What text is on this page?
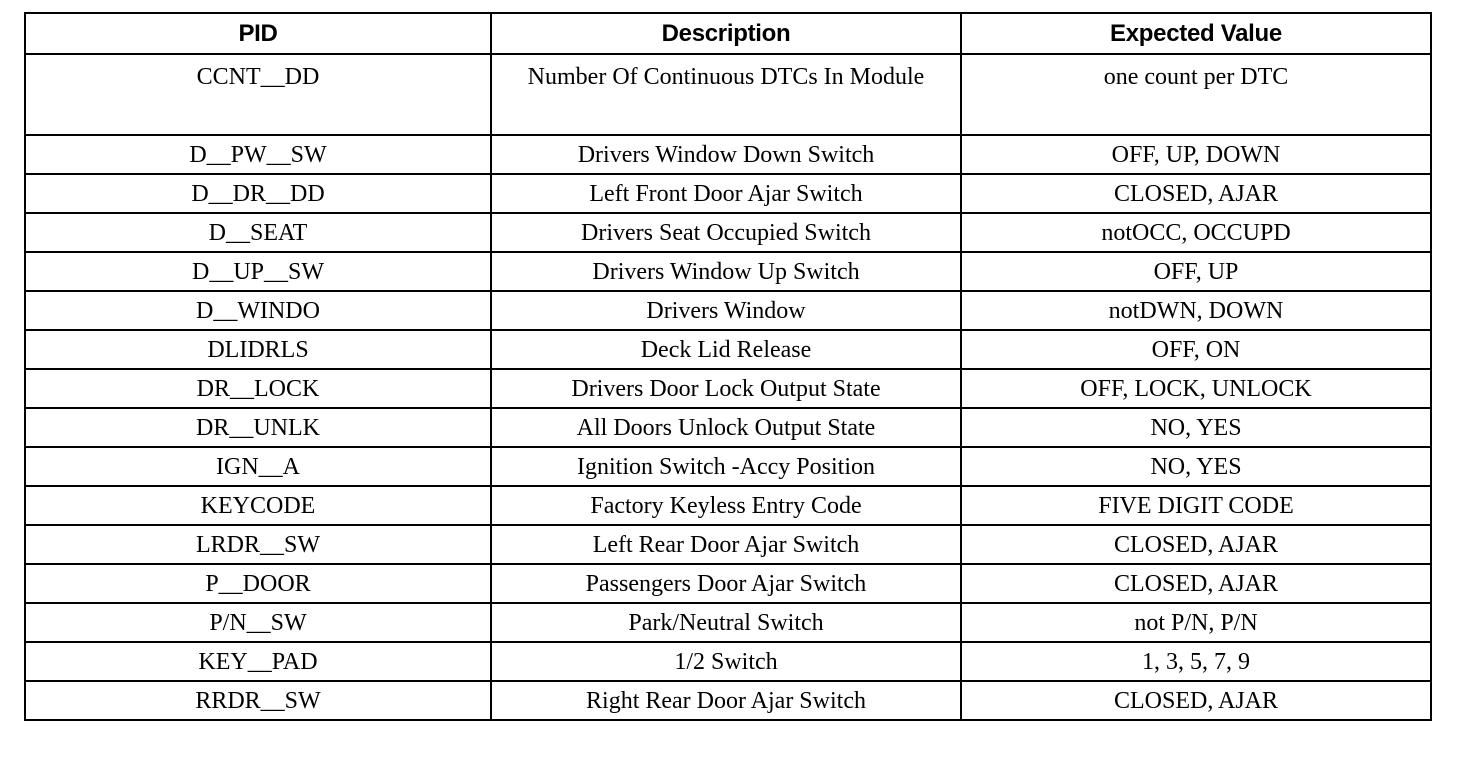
PID	Description	Expected Value
CCNT__DD	Number Of Continuous DTCs In Module	one count per DTC
D__PW__SW	Drivers Window Down Switch	OFF, UP, DOWN
D__DR__DD	Left Front Door Ajar Switch	CLOSED, AJAR
D__SEAT	Drivers Seat Occupied Switch	notOCC, OCCUPD
D__UP__SW	Drivers Window Up Switch	OFF, UP
D__WINDO	Drivers Window	notDWN, DOWN
DLIDRLS	Deck Lid Release	OFF, ON
DR__LOCK	Drivers Door Lock Output State	OFF, LOCK, UNLOCK
DR__UNLK	All Doors Unlock Output State	NO, YES
IGN__A	Ignition Switch -Accy Position	NO, YES
KEYCODE	Factory Keyless Entry Code	FIVE DIGIT CODE
LRDR__SW	Left Rear Door Ajar Switch	CLOSED, AJAR
P__DOOR	Passengers Door Ajar Switch	CLOSED, AJAR
P/N__SW	Park/Neutral Switch	not P/N, P/N
KEY__PAD	1/2 Switch	1, 3, 5, 7, 9
RRDR__SW	Right Rear Door Ajar Switch	CLOSED, AJAR
